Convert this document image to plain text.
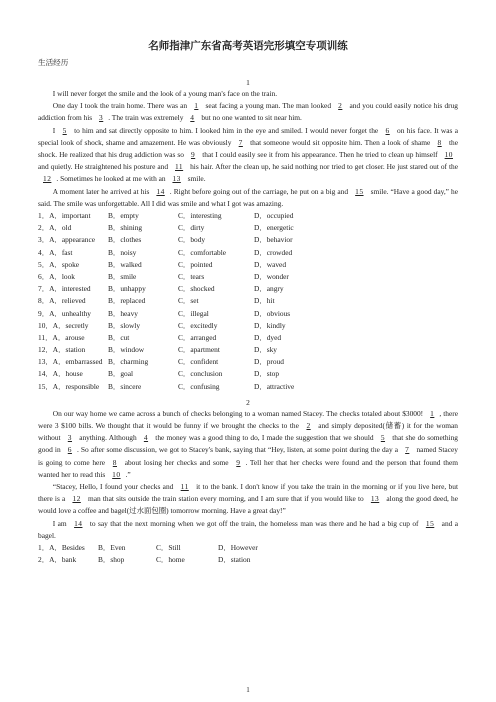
名师指津广东省高考英语完形填空专项训练
生活经历
1

I will never forget the smile and the look of a young man's face on the train.

One day I took the train home. There was an 1 seat facing a young man. The man looked 2 and you could easily notice his drug addiction from his 3 . The train was extremely 4 but no one wanted to sit near him.

I 5 to him and sat directly opposite to him. I looked him in the eye and smiled. I would never forget the 6 on his face. It was a special look of shock, shame and amazement. He was obviously 7 that someone would sit opposite him. Then a look of shame 8 the shock. He realized that his drug addiction was so 9 that I could easily see it from his appearance. Then he tried to clean up himself 10 and quietly. He straightened his posture and 11 his hair. After the clean up, he said nothing nor tried to get closer. He just stared out of the 12 . Sometimes he looked at me with an 13 smile.

A moment later he arrived at his 14 . Right before going out of the carriage, he put on a big and 15 smile. “Have a good day,” he said. The smile was unforgettable. All I did was smile and what I got was amazing.

1．A．important	B．empty	C．interesting	D．occupied
2．A．old	B．shining	C．dirty	D．energetic
3．A．appearance	B．clothes	C．body	D．behavior
4．A．fast	B．noisy	C．comfortable	D．crowded
5．A．spoke	B．walked	C．pointed	D．waved
6．A．look	B．smile	C．tears	D．wonder
7．A．interested	B．unhappy	C．shocked	D．angry
8．A．relieved	B．replaced	C．set	D．hit
9．A．unhealthy	B．heavy	C．illegal	D．obvious
10．A．secretly	B．slowly	C．excitedly	D．kindly
11．A．arouse	B．cut	C．arranged	D．dyed
12．A．station	B．window	C．apartment	D．sky
13．A．embarrassed B．charming	C．confident	D．proud
14．A．house	B．goal	C．conclusion	D．stop
15．A．responsible	B．sincere	C．confusing	D．attractive
2

On our way home we came across a bunch of checks belonging to a woman named Stacey. The checks totaled about $3000! 1 , there were 3 $100 bills. We thought that it would be funny if we brought the checks to the 2 and simply deposited(储蓄) it for the woman without 3 anything. Although 4 the money was a good thing to do, I made the suggestion that we should 5 that she do something good in 6 . So after some discussion, we got to Stacey's bank, saying that “Hey, listen, at some point during the day a 7 named Stacey is going to come here 8 about losing her checks and some 9 . Tell her that her checks were found and the person that found them wanted her to read this 10 .”

“Stacey, Hello, I found your checks and 11 it to the bank. I don't know if you take the train in the morning or if you live here, but there is a 12 man that sits outside the train station every morning, and I am sure that if you would like to 13 along the good deed, he would love a coffee and bagel(过水面包圈) tomorrow morning. Have a great day!”

I am 14 to say that the next morning when we got off the train, the homeless man was there and he had a big cup of 15 and a bagel.

1．A．Besides	B．Even	C．Still	D．However
2．A．bank	B．shop	C．home	D．station
1
